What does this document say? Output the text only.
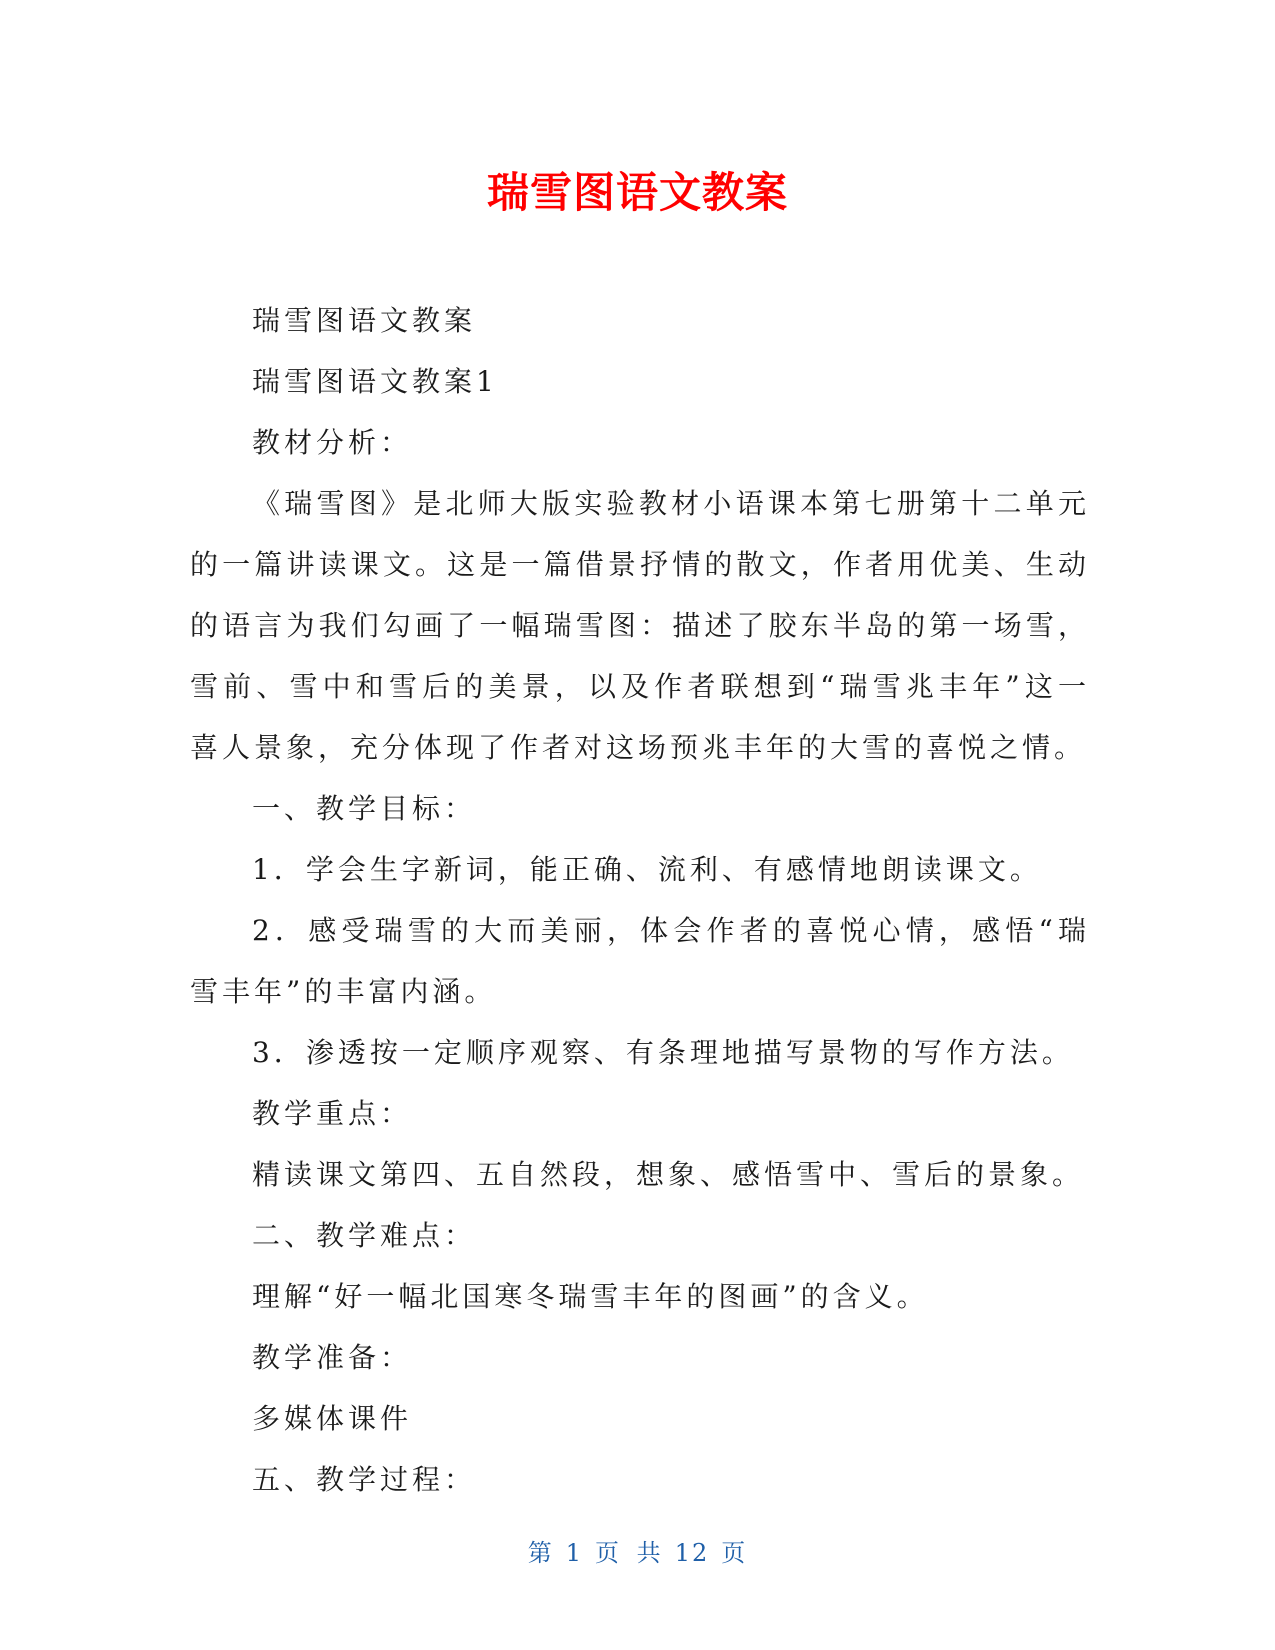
瑞雪图语文教案

瑞雪图语文教案

瑞雪图语文教案1

教材分析：

《瑞雪图》是北师大版实验教材小语课本第七册第十二单元的一篇讲读课文。这是一篇借景抒情的散文，作者用优美、生动的语言为我们勾画了一幅瑞雪图：描述了胶东半岛的第一场雪，雪前、雪中和雪后的美景，以及作者联想到“瑞雪兆丰年”这一喜人景象，充分体现了作者对这场预兆丰年的大雪的喜悦之情。

一、教学目标：

1．学会生字新词，能正确、流利、有感情地朗读课文。

2．感受瑞雪的大而美丽，体会作者的喜悦心情，感悟“瑞雪丰年”的丰富内涵。

3．渗透按一定顺序观察、有条理地描写景物的写作方法。

教学重点：

精读课文第四、五自然段，想象、感悟雪中、雪后的景象。

二、教学难点：

理解“好一幅北国寒冬瑞雪丰年的图画”的含义。

教学准备：

多媒体课件

五、教学过程：

第 1 页 共 12 页
